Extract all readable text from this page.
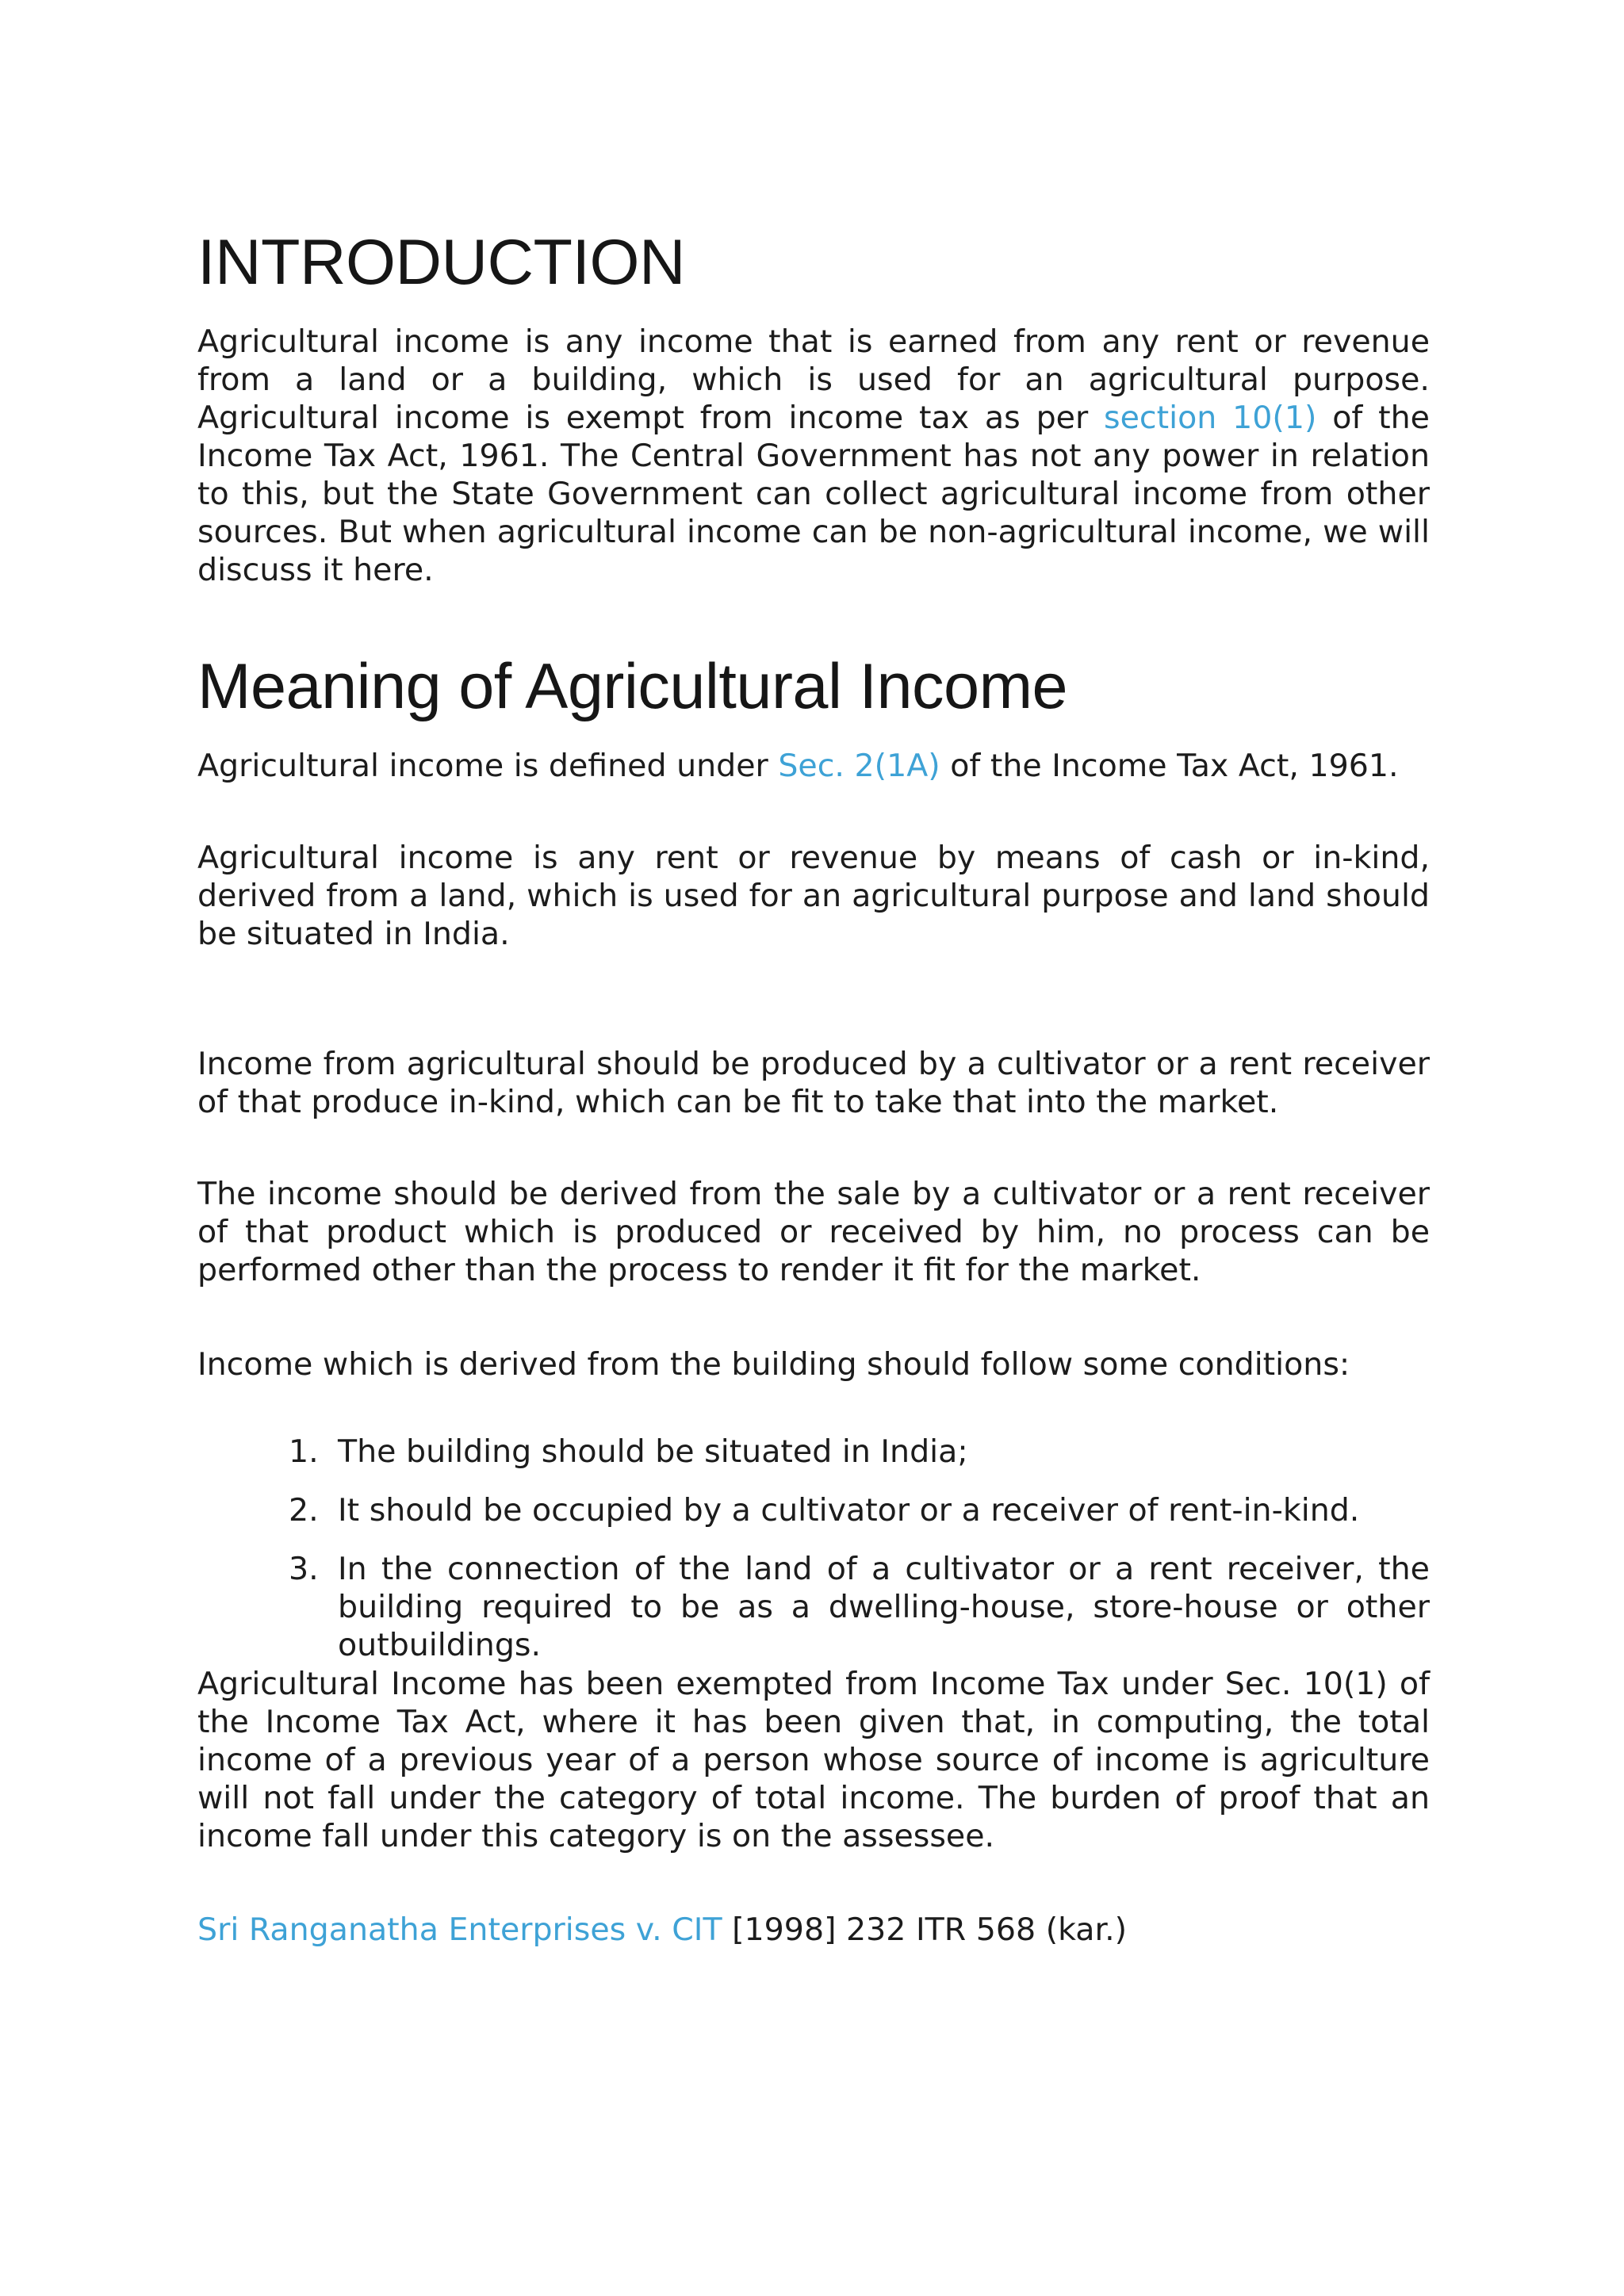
INTRODUCTION

Agricultural income is any income that is earned from any rent or revenue from a land or a building, which is used for an agricultural purpose. Agricultural income is exempt from income tax as per section 10(1) of the Income Tax Act, 1961. The Central Government has not any power in relation to this, but the State Government can collect agricultural income from other sources. But when agricultural income can be non-agricultural income, we will discuss it here.

Meaning of Agricultural Income

Agricultural income is defined under Sec. 2(1A) of the Income Tax Act, 1961.

Agricultural income is any rent or revenue by means of cash or in-kind, derived from a land, which is used for an agricultural purpose and land should be situated in India.

Income from agricultural should be produced by a cultivator or a rent receiver of that produce in-kind, which can be fit to take that into the market.

The income should be derived from the sale by a cultivator or a rent receiver of that product which is produced or received by him, no process can be performed other than the process to render it fit for the market.

Income which is derived from the building should follow some conditions:

1. The building should be situated in India;
2. It should be occupied by a cultivator or a receiver of rent-in-kind.
3. In the connection of the land of a cultivator or a rent receiver, the building required to be as a dwelling-house, store-house or other outbuildings.

Agricultural Income has been exempted from Income Tax under Sec. 10(1) of the Income Tax Act, where it has been given that, in computing, the total income of a previous year of a person whose source of income is agriculture will not fall under the category of total income. The burden of proof that an income fall under this category is on the assessee.

Sri Ranganatha Enterprises v. CIT [1998] 232 ITR 568 (kar.)
